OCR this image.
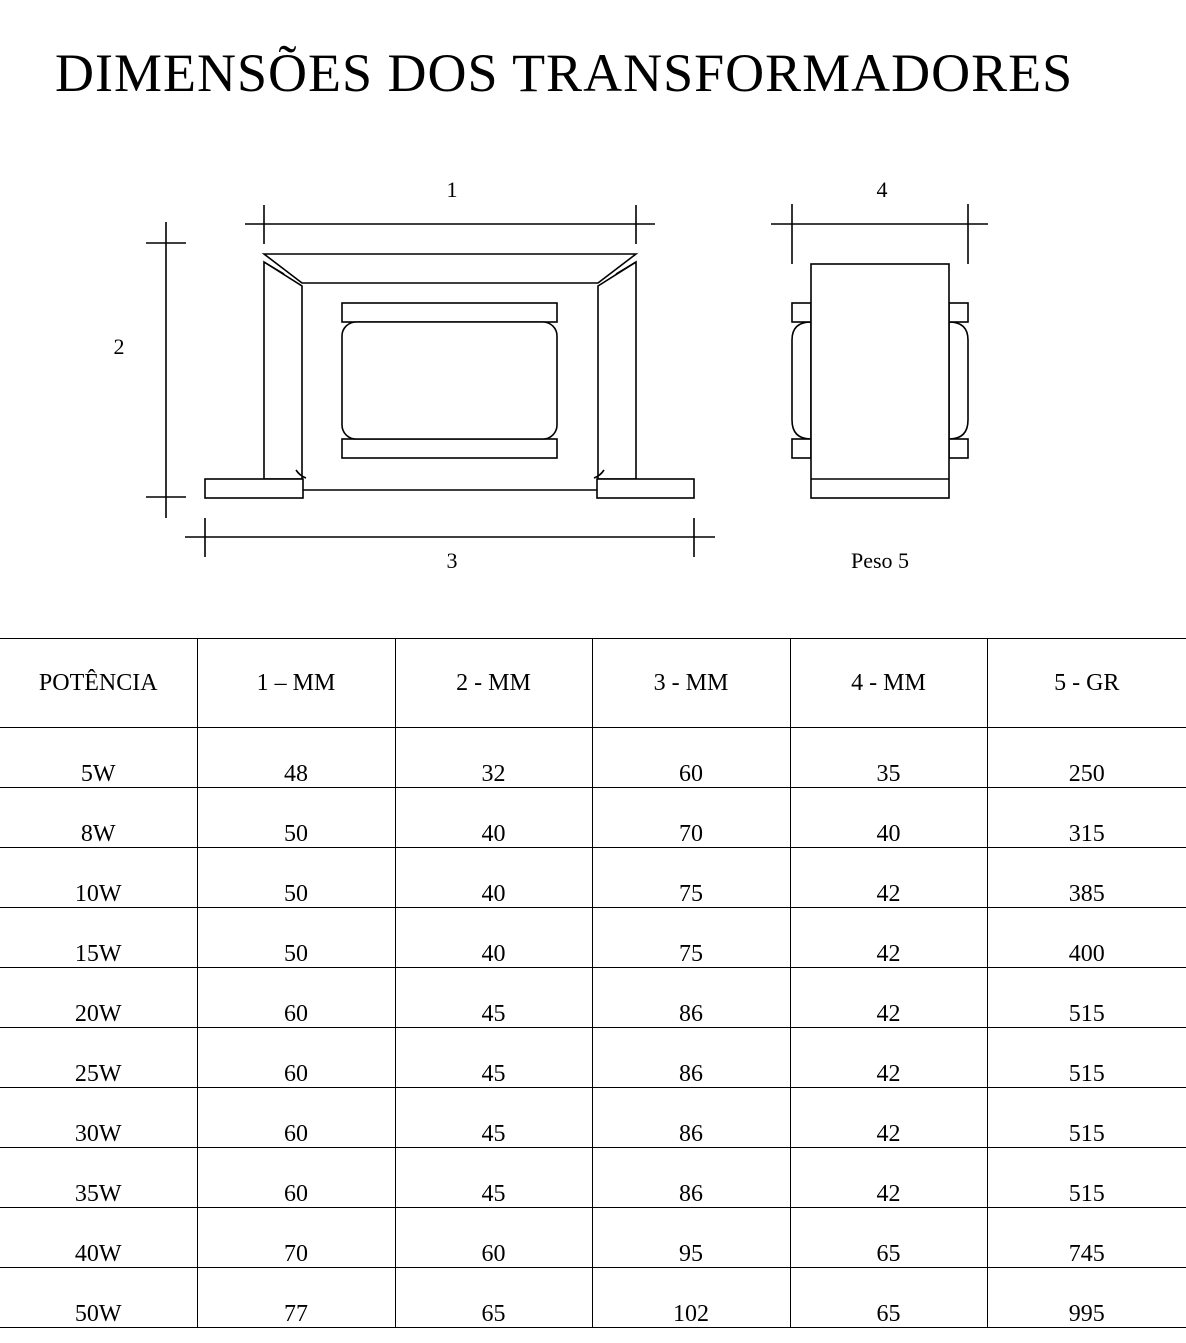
DIMENSÕES DOS TRANSFORMADORES
1
2
3
4
Peso 5
POTÊNCIA	1 – MM	2 - MM	3 - MM	4 - MM	5 - GR
5W	48	32	60	35	250
8W	50	40	70	40	315
10W	50	40	75	42	385
15W	50	40	75	42	400
20W	60	45	86	42	515
25W	60	45	86	42	515
30W	60	45	86	42	515
35W	60	45	86	42	515
40W	70	60	95	65	745
50W	77	65	102	65	995
